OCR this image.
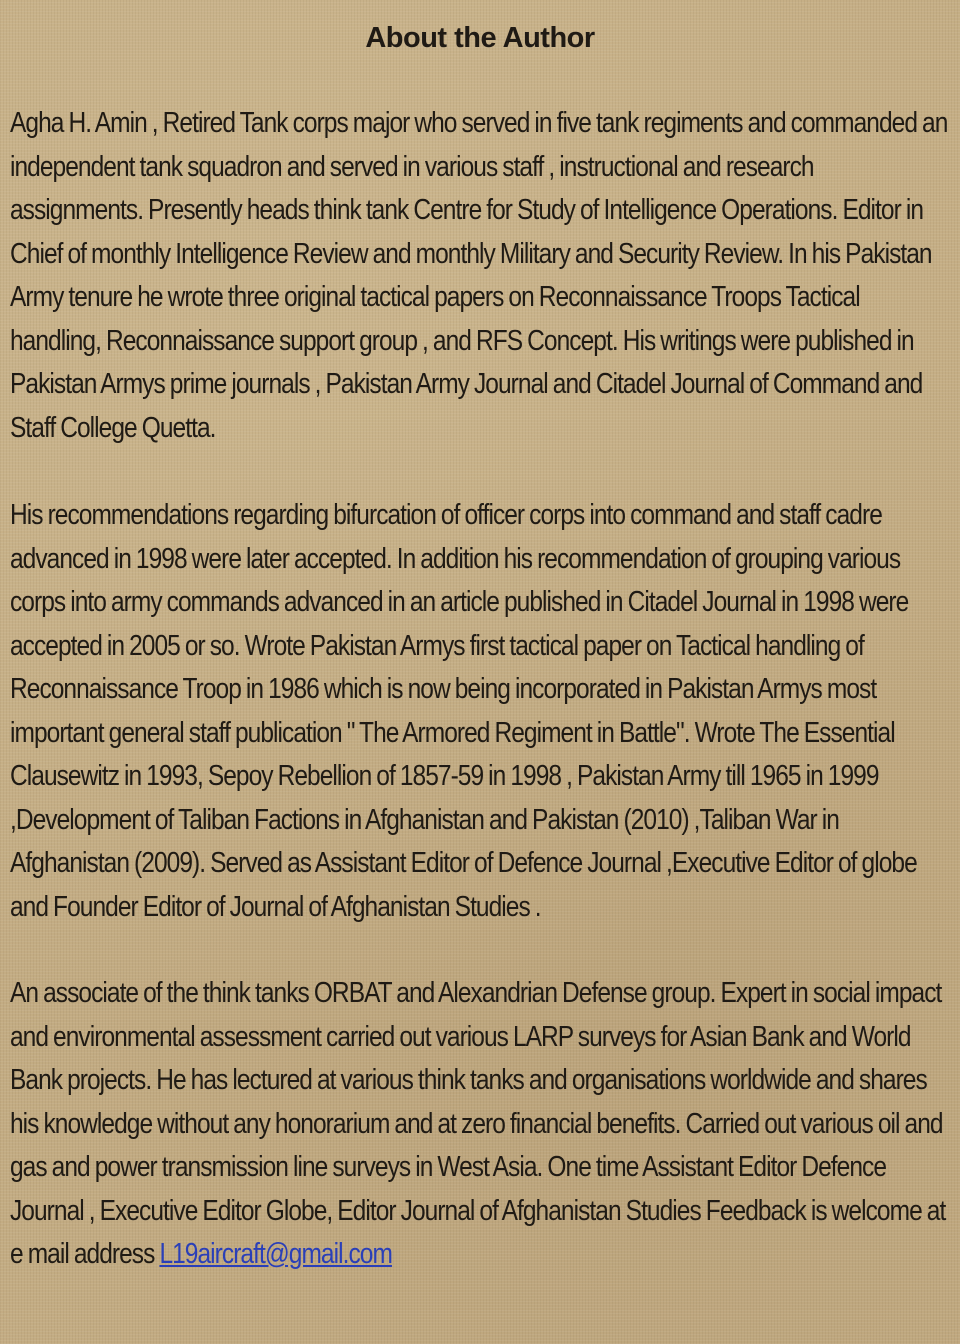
About the Author

Agha H. Amin , Retired Tank corps major who served in five tank regiments and commanded an independent tank squadron and served in various staff , instructional and research assignments. Presently heads think tank Centre for Study of Intelligence Operations. Editor in Chief of monthly Intelligence Review and monthly Military and Security Review. In his Pakistan Army tenure he wrote three original tactical papers on Reconnaissance Troops Tactical handling, Reconnaissance support group , and RFS Concept. His writings were published in Pakistan Armys prime journals , Pakistan Army Journal and Citadel Journal of Command and Staff College Quetta.

His recommendations regarding bifurcation of officer corps into command and staff cadre advanced in 1998 were later accepted. In addition his recommendation of grouping various corps into army commands advanced in an article published in Citadel Journal in 1998 were accepted in 2005 or so. Wrote Pakistan Armys first tactical paper on Tactical handling of Reconnaissance Troop in 1986 which is now being incorporated in Pakistan Armys most important general staff publication " The Armored Regiment in Battle". Wrote The Essential Clausewitz in 1993, Sepoy Rebellion of 1857-59 in 1998 , Pakistan Army till 1965 in 1999 ,Development of Taliban Factions in Afghanistan and Pakistan (2010) ,Taliban War in Afghanistan (2009). Served as Assistant Editor of Defence Journal ,Executive Editor of globe and Founder Editor of Journal of Afghanistan Studies .

An associate of the think tanks ORBAT and Alexandrian Defense group. Expert in social impact and environmental assessment carried out various LARP surveys for Asian Bank and World Bank projects. He has lectured at various think tanks and organisations worldwide and shares his knowledge without any honorarium and at zero financial benefits. Carried out various oil and gas and power transmission line surveys in West Asia. One time Assistant Editor Defence Journal , Executive Editor Globe, Editor Journal of Afghanistan Studies Feedback is welcome at e mail address L19aircraft@gmail.com
